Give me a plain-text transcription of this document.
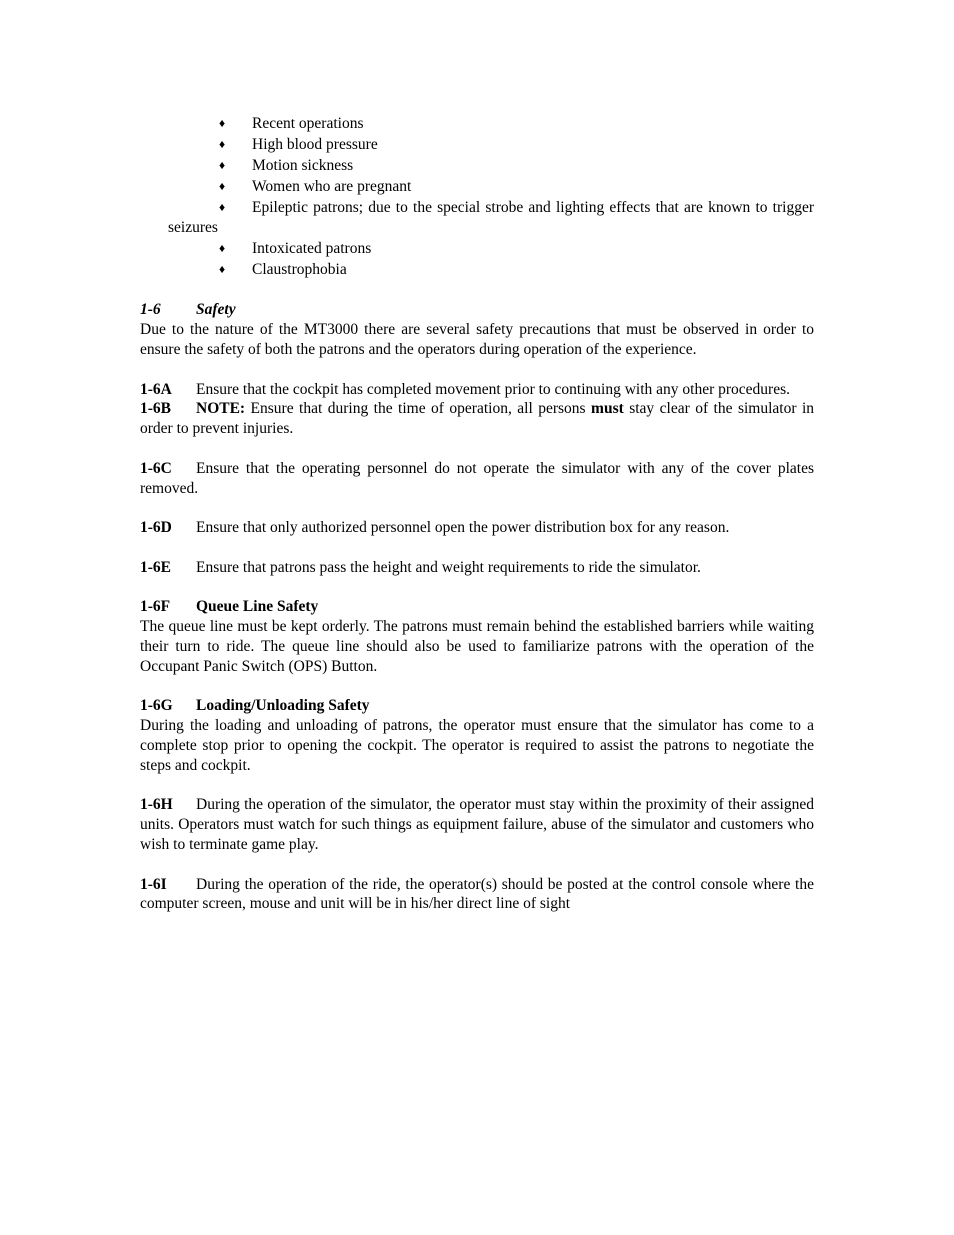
♦ Recent operations
♦ High blood pressure
♦ Motion sickness
♦ Women who are pregnant
♦ Epileptic patrons; due to the special strobe and lighting effects that are known to trigger seizures
♦ Intoxicated patrons
♦ Claustrophobia

1-6 Safety

Due to the nature of the MT3000 there are several safety precautions that must be observed in order to ensure the safety of both the patrons and the operators during operation of the experience.

1-6A Ensure that the cockpit has completed movement prior to continuing with any other procedures.

1-6B NOTE: Ensure that during the time of operation, all persons must stay clear of the simulator in order to prevent injuries.

1-6C Ensure that the operating personnel do not operate the simulator with any of the cover plates removed.

1-6D Ensure that only authorized personnel open the power distribution box for any reason.

1-6E Ensure that patrons pass the height and weight requirements to ride the simulator.

1-6F Queue Line Safety

The queue line must be kept orderly. The patrons must remain behind the established barriers while waiting their turn to ride. The queue line should also be used to familiarize patrons with the operation of the Occupant Panic Switch (OPS) Button.

1-6G Loading/Unloading Safety

During the loading and unloading of patrons, the operator must ensure that the simulator has come to a complete stop prior to opening the cockpit. The operator is required to assist the patrons to negotiate the steps and cockpit.

1-6H During the operation of the simulator, the operator must stay within the proximity of their assigned units. Operators must watch for such things as equipment failure, abuse of the simulator and customers who wish to terminate game play.

1-6I During the operation of the ride, the operator(s) should be posted at the control console where the computer screen, mouse and unit will be in his/her direct line of sight
